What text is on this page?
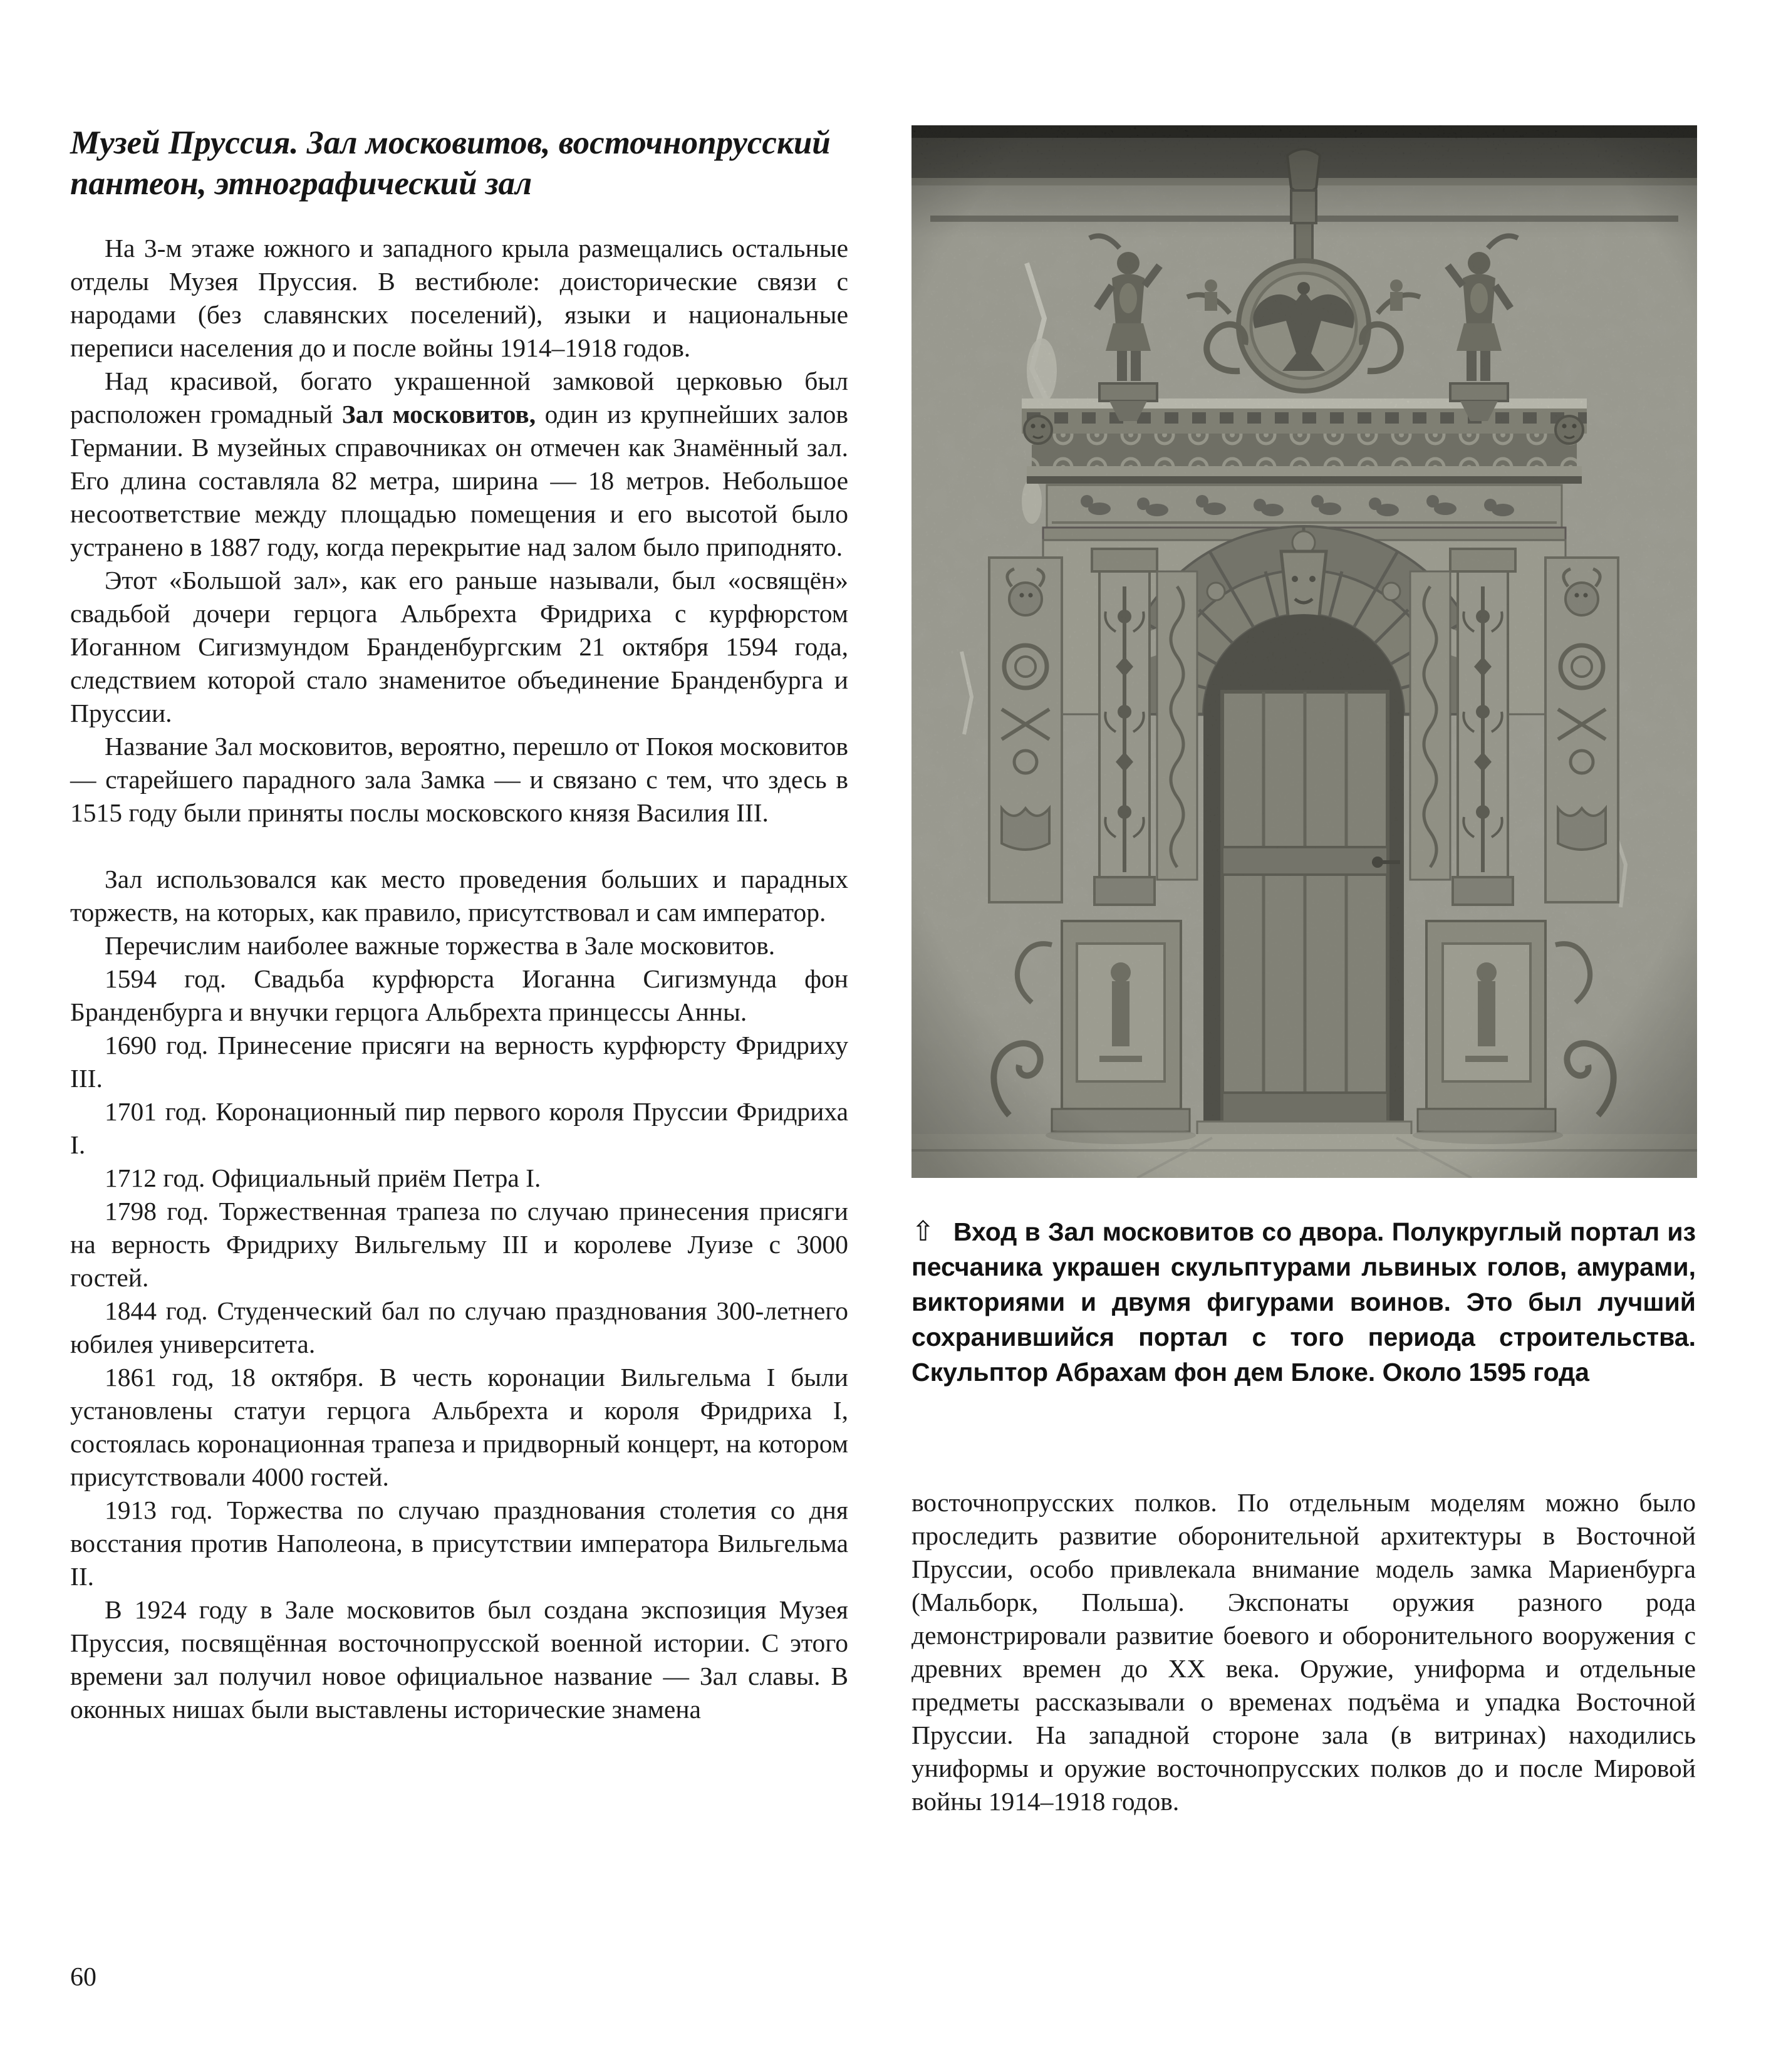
Музей Пруссия. Зал московитов, восточнопрусский пантеон, этнографический зал

На 3-м этаже южного и западного крыла размещались остальные отделы Музея Пруссия. В вестибюле: доисторические связи с народами (без славянских поселений), языки и национальные переписи населения до и после войны 1914–1918 годов.

Над красивой, богато украшенной замковой церковью был расположен громадный Зал московитов, один из крупнейших залов Германии. В музейных справочниках он отмечен как Знамённый зал. Его длина составляла 82 метра, ширина — 18 метров. Небольшое несоответствие между площадью помещения и его высотой было устранено в 1887 году, когда перекрытие над залом было приподнято.

Этот «Большой зал», как его раньше называли, был «освящён» свадьбой дочери герцога Альбрехта Фридриха с курфюрстом Иоганном Сигизмундом Бранденбургским 21 октября 1594 года, следствием которой стало знаменитое объединение Бранденбурга и Пруссии.

Название Зал московитов, вероятно, перешло от Покоя московитов — старейшего парадного зала Замка — и связано с тем, что здесь в 1515 году были приняты послы московского князя Василия III.

Зал использовался как место проведения больших и парадных торжеств, на которых, как правило, присутствовал и сам император.

Перечислим наиболее важные торжества в Зале московитов.

1594 год. Свадьба курфюрста Иоганна Сигизмунда фон Бранденбурга и внучки герцога Альбрехта принцессы Анны.

1690 год. Принесение присяги на верность курфюрсту Фридриху III.

1701 год. Коронационный пир первого короля Пруссии Фридриха I.

1712 год. Официальный приём Петра I.

1798 год. Торжественная трапеза по случаю принесения присяги на верность Фридриху Вильгельму III и королеве Луизе с 3000 гостей.

1844 год. Студенческий бал по случаю празднования 300-летнего юбилея университета.

1861 год, 18 октября. В честь коронации Вильгельма I были установлены статуи герцога Альбрехта и короля Фридриха I, состоялась коронационная трапеза и придворный концерт, на котором присутствовали 4000 гостей.

1913 год. Торжества по случаю празднования столетия со дня восстания против Наполеона, в присутствии императора Вильгельма II.

В 1924 году в Зале московитов был создана экспозиция Музея Пруссия, посвящённая восточнопрусской военной истории. С этого времени зал получил новое официальное название — Зал славы. В оконных нишах были выставлены исторические знамена

⇧ Вход в Зал московитов со двора. Полукруглый портал из песчаника украшен скульптурами львиных голов, амурами, викториями и двумя фигурами воинов. Это был лучший сохранившийся портал с того периода строительства. Скульптор Абрахам фон дем Блоке. Около 1595 года

восточнопрусских полков. По отдельным моделям можно было проследить развитие оборонительной архитектуры в Восточной Пруссии, особо привлекала внимание модель замка Мариенбурга (Мальборк, Польша). Экспонаты оружия разного рода демонстрировали развитие боевого и оборонительного вооружения с древних времен до XX века. Оружие, униформа и отдельные предметы рассказывали о временах подъёма и упадка Восточной Пруссии. На западной стороне зала (в витринах) находились униформы и оружие восточнопрусских полков до и после Мировой войны 1914–1918 годов.

60
